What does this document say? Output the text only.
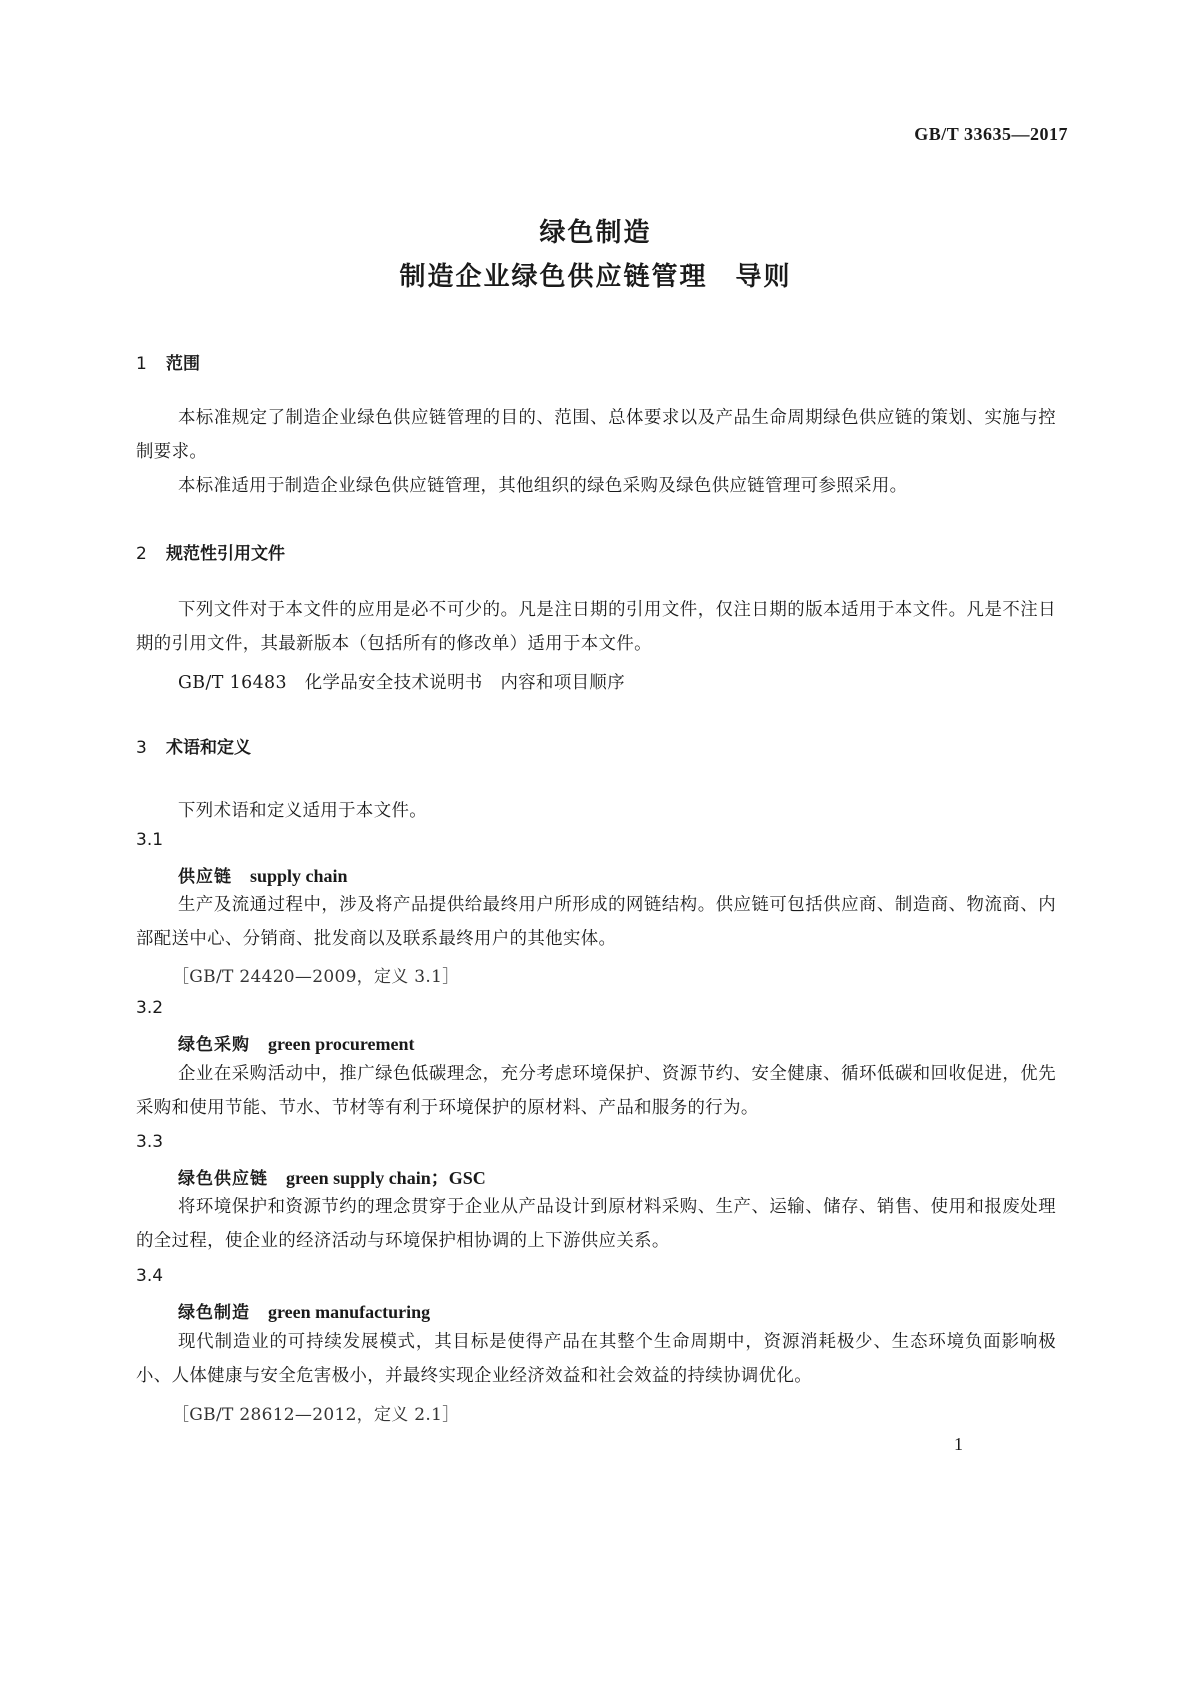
GB/T 33635—2017
绿色制造
制造企业绿色供应链管理　导则
1 范围
本标准规定了制造企业绿色供应链管理的目的、范围、总体要求以及产品生命周期绿色供应链的策划、实施与控制要求。
本标准适用于制造企业绿色供应链管理，其他组织的绿色采购及绿色供应链管理可参照采用。
2 规范性引用文件
下列文件对于本文件的应用是必不可少的。凡是注日期的引用文件，仅注日期的版本适用于本文件。凡是不注日期的引用文件，其最新版本（包括所有的修改单）适用于本文件。
GB/T 16483　化学品安全技术说明书　内容和项目顺序
3 术语和定义
下列术语和定义适用于本文件。
3.1
供应链 supply chain
生产及流通过程中，涉及将产品提供给最终用户所形成的网链结构。供应链可包括供应商、制造商、物流商、内部配送中心、分销商、批发商以及联系最终用户的其他实体。
［GB/T 24420—2009，定义 3.1］
3.2
绿色采购 green procurement
企业在采购活动中，推广绿色低碳理念，充分考虑环境保护、资源节约、安全健康、循环低碳和回收促进，优先采购和使用节能、节水、节材等有利于环境保护的原材料、产品和服务的行为。
3.3
绿色供应链 green supply chain；GSC
将环境保护和资源节约的理念贯穿于企业从产品设计到原材料采购、生产、运输、储存、销售、使用和报废处理的全过程，使企业的经济活动与环境保护相协调的上下游供应关系。
3.4
绿色制造 green manufacturing
现代制造业的可持续发展模式，其目标是使得产品在其整个生命周期中，资源消耗极少、生态环境负面影响极小、人体健康与安全危害极小，并最终实现企业经济效益和社会效益的持续协调优化。
［GB/T 28612—2012，定义 2.1］
1
